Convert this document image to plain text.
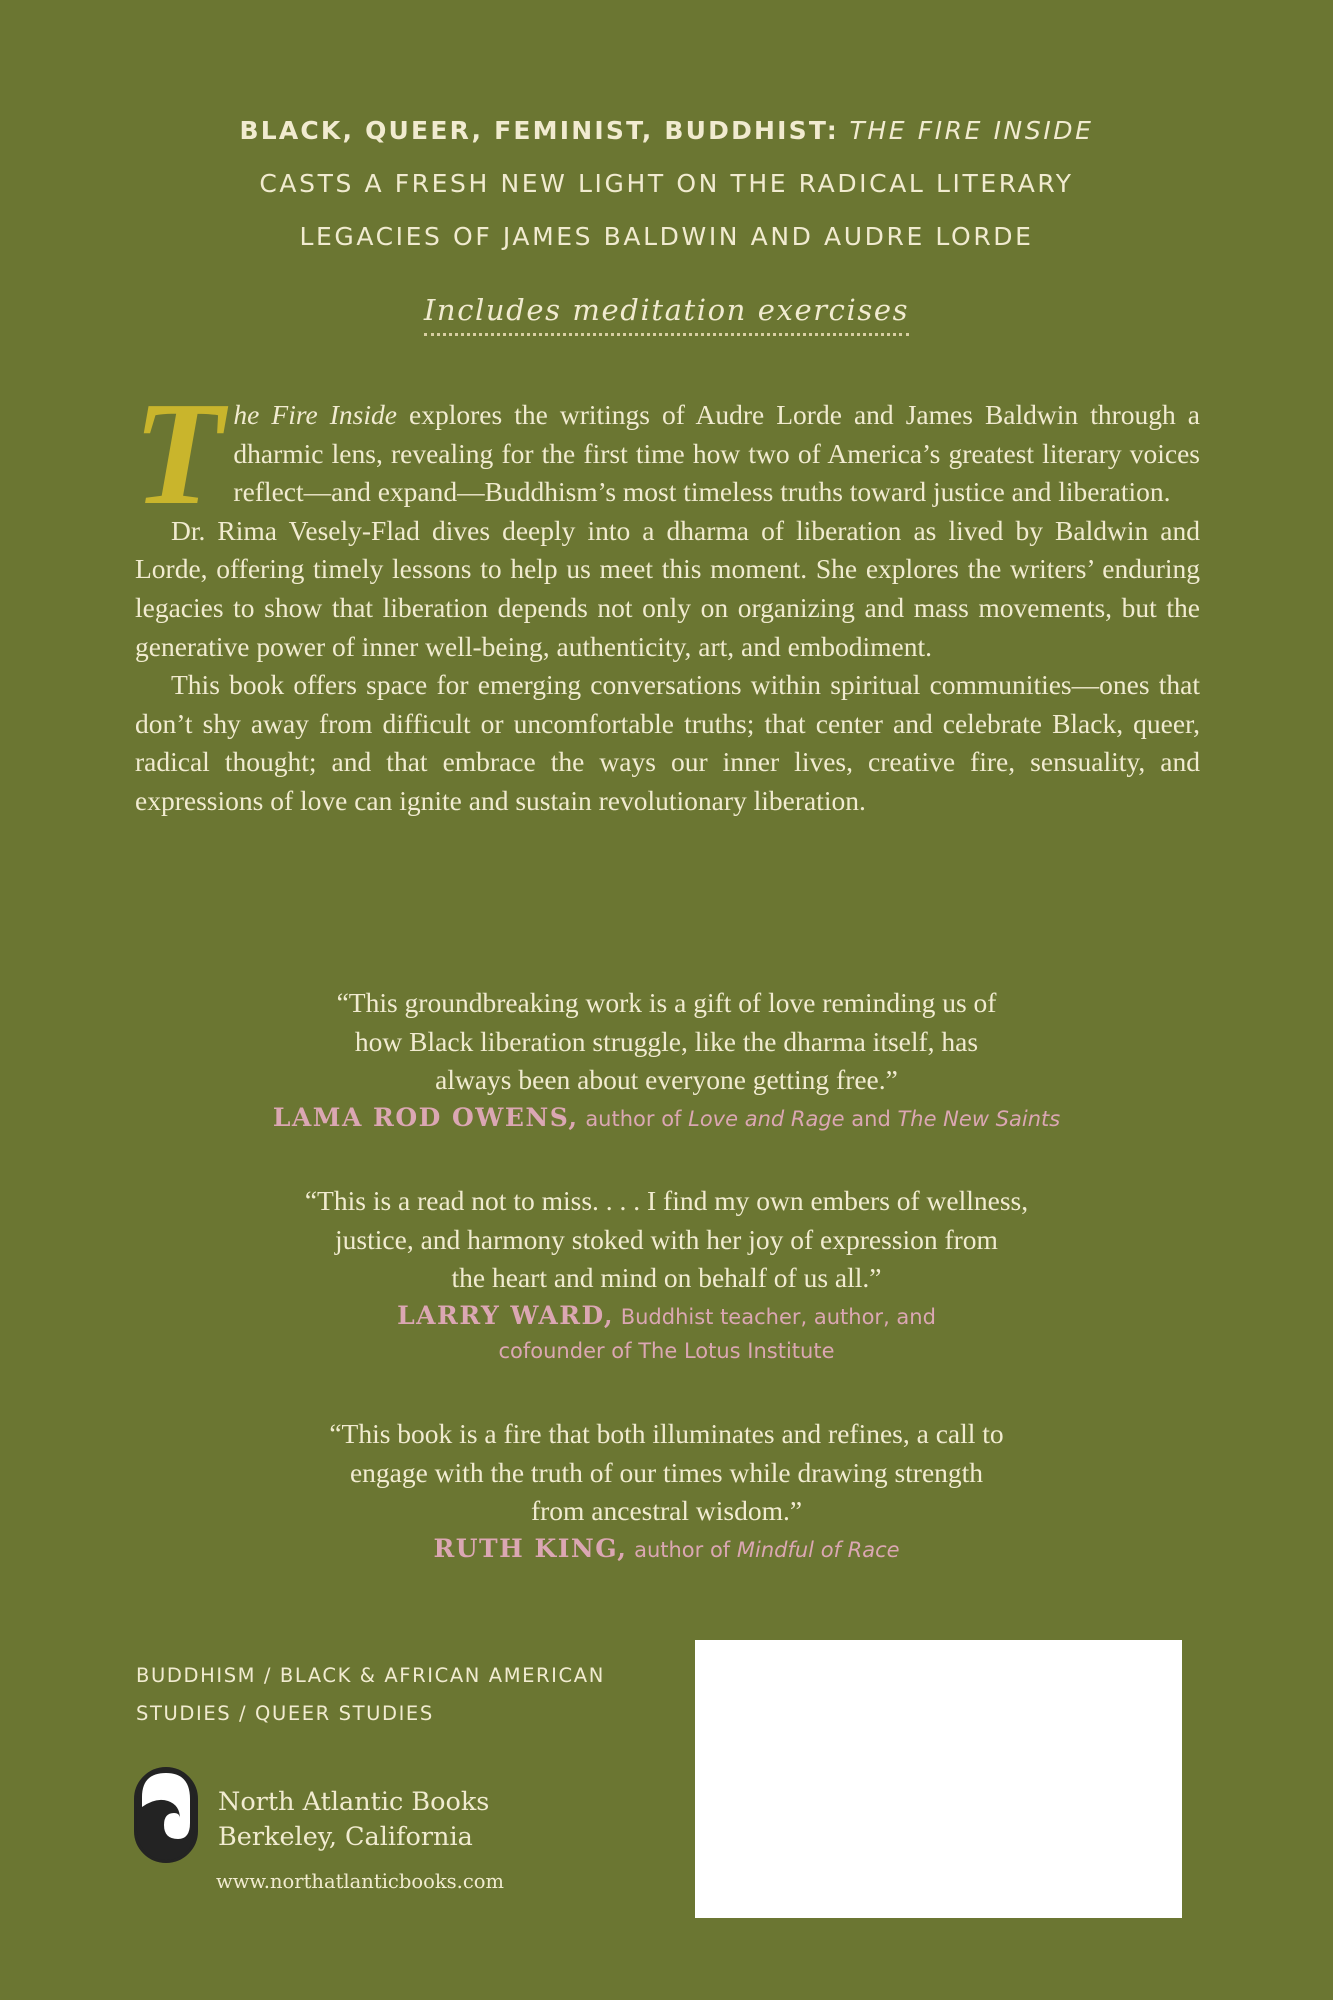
BLACK, QUEER, FEMINIST, BUDDHIST: THE FIRE INSIDE
CASTS A FRESH NEW LIGHT ON THE RADICAL LITERARY
LEGACIES OF JAMES BALDWIN AND AUDRE LORDE
Includes meditation exercises

The Fire Inside explores the writings of Audre Lorde and James Baldwin through a dharmic lens, revealing for the first time how two of America’s greatest literary voices reflect—and expand—Buddhism’s most timeless truths toward justice and liberation.

Dr. Rima Vesely-Flad dives deeply into a dharma of liberation as lived by Baldwin and Lorde, offering timely lessons to help us meet this moment. She explores the writers’ enduring legacies to show that liberation depends not only on organizing and mass movements, but the generative power of inner well-being, authenticity, art, and embodiment.

This book offers space for emerging conversations within spiritual communities—ones that don’t shy away from difficult or uncomfortable truths; that center and celebrate Black, queer, radical thought; and that embrace the ways our inner lives, creative fire, sensuality, and expressions of love can ignite and sustain revolutionary liberation.

“This groundbreaking work is a gift of love reminding us of
how Black liberation struggle, like the dharma itself, has
always been about everyone getting free.”
LAMA ROD OWENS, author of Love and Rage and The New Saints
“This is a read not to miss. . . . I find my own embers of wellness,
justice, and harmony stoked with her joy of expression from
the heart and mind on behalf of us all.”
LARRY WARD, Buddhist teacher, author, and
cofounder of The Lotus Institute
“This book is a fire that both illuminates and refines, a call to
engage with the truth of our times while drawing strength
from ancestral wisdom.”
RUTH KING, author of Mindful of Race
BUDDHISM / BLACK & AFRICAN AMERICAN
STUDIES / QUEER STUDIES
North Atlantic Books
Berkeley, California
www.northatlanticbooks.com
